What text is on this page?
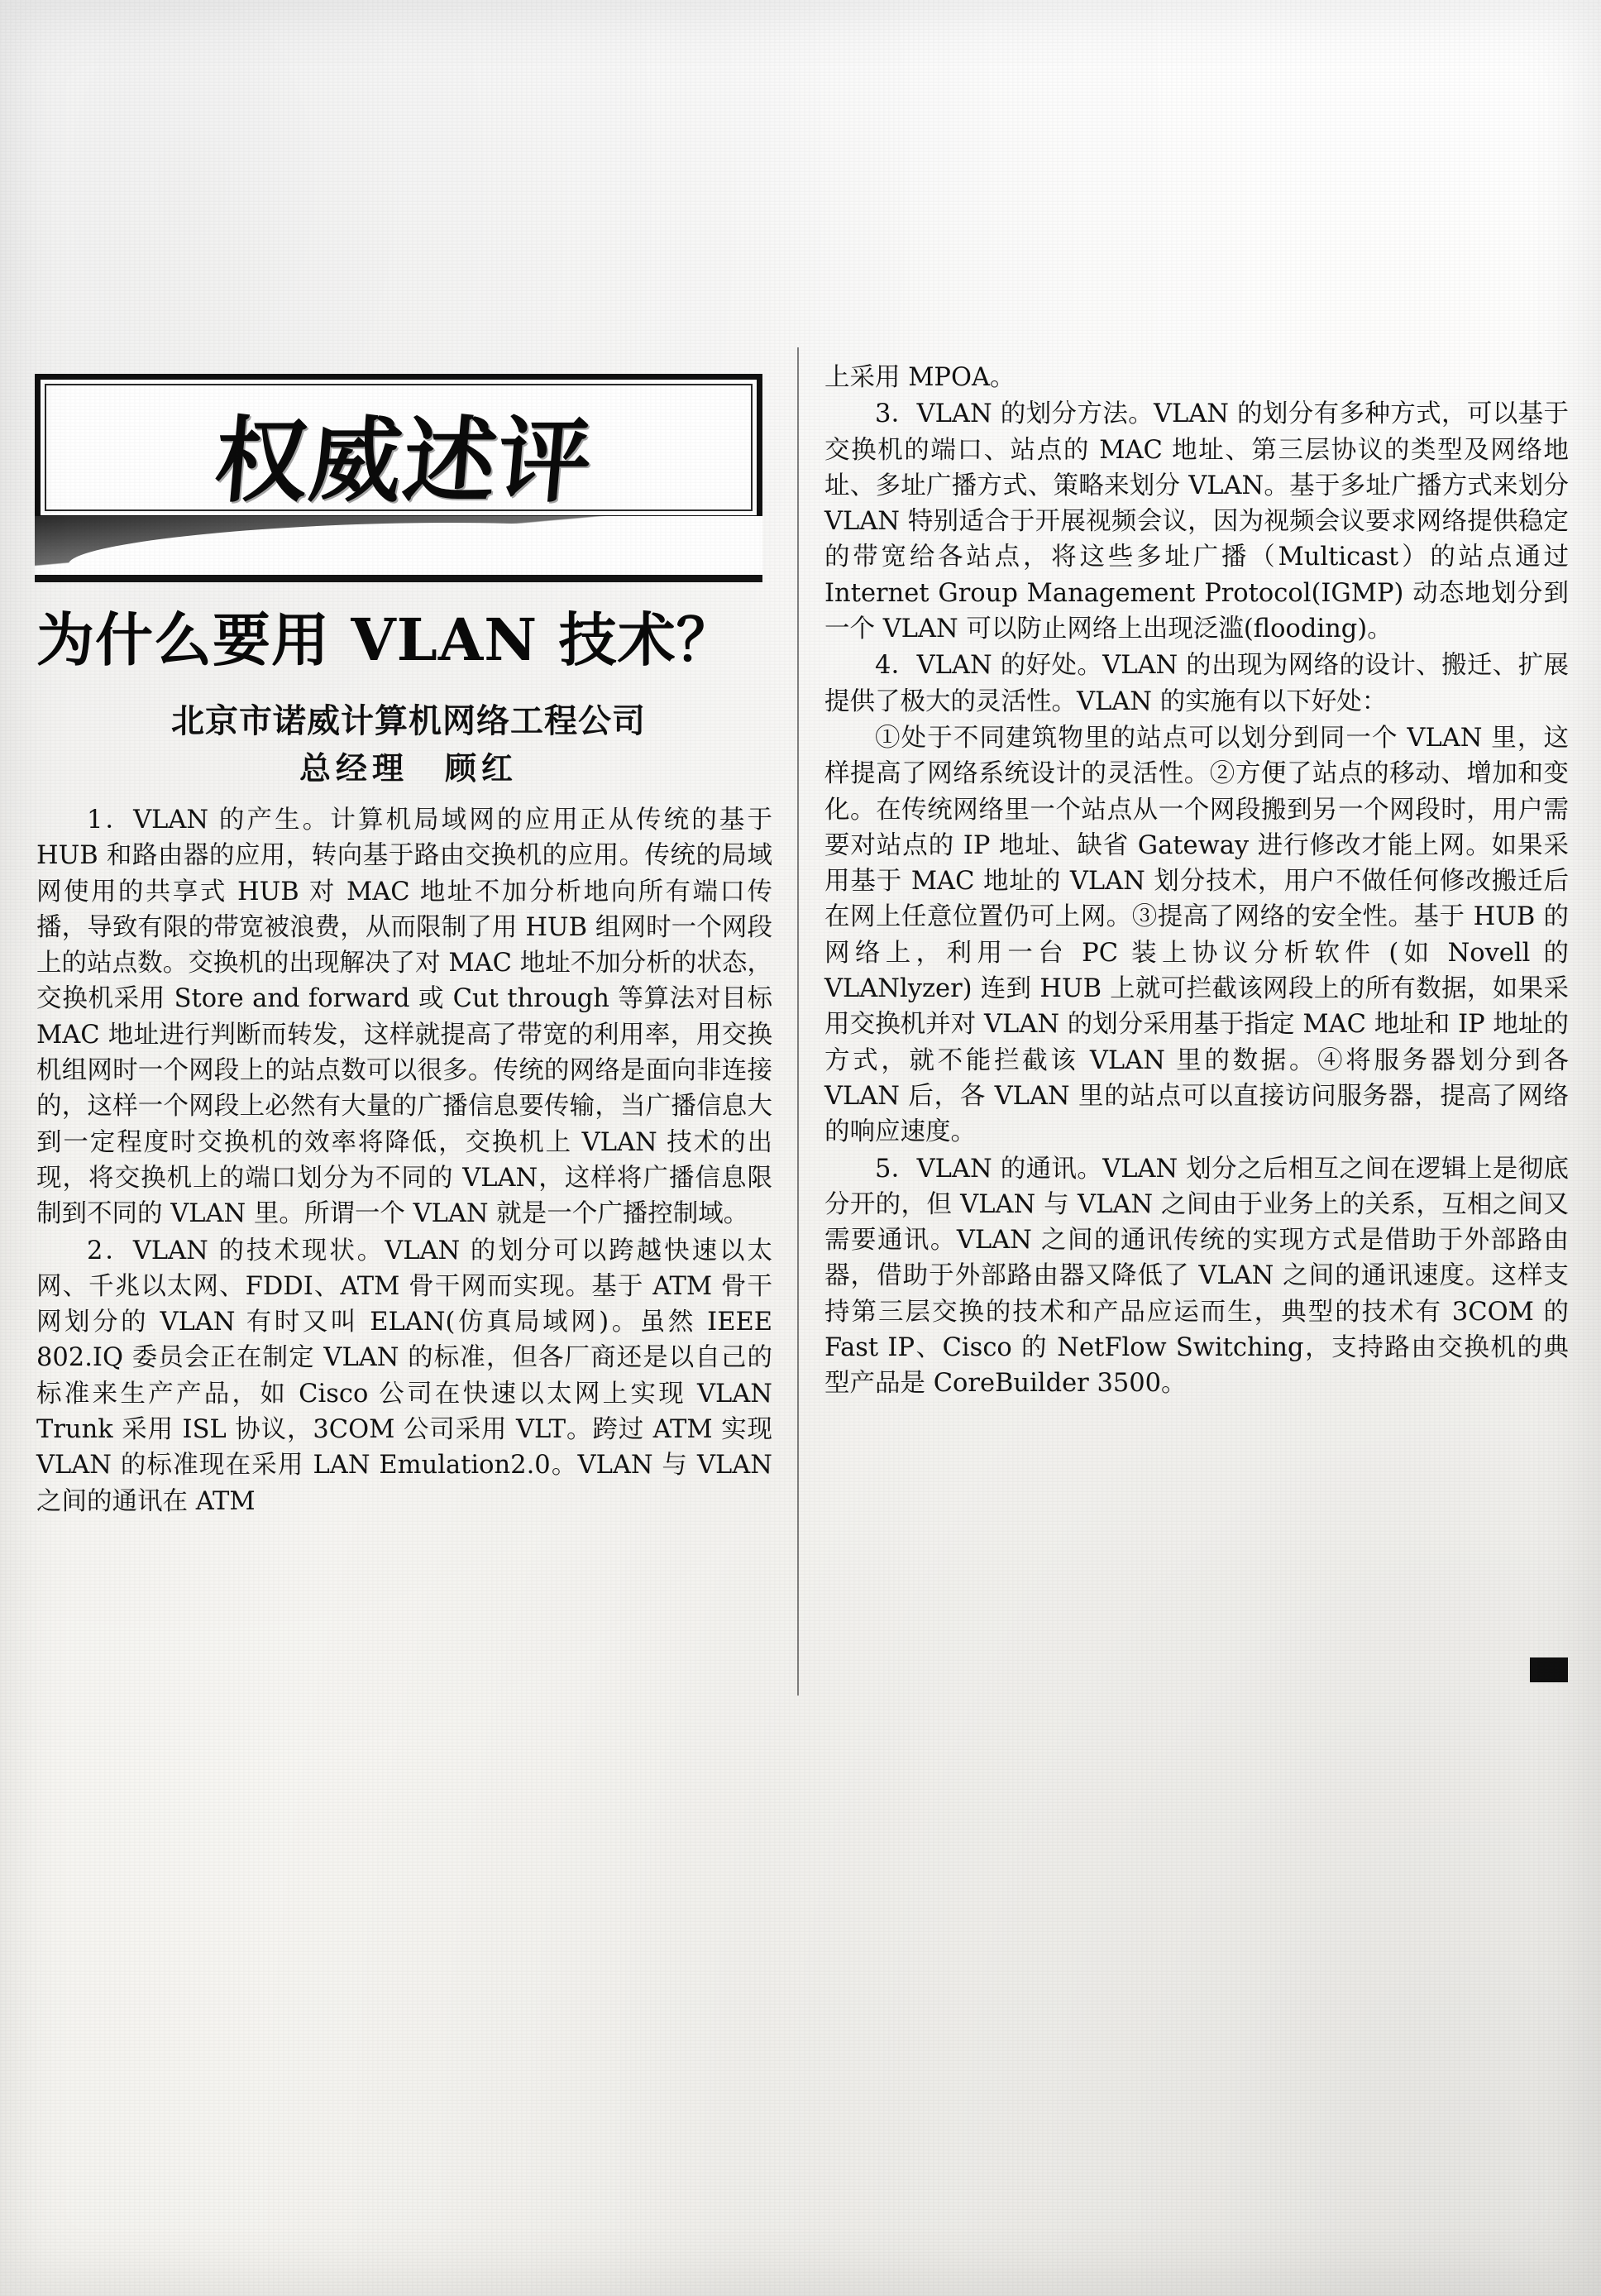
权威述评
为什么要用 VLAN 技术？
北京市诺威计算机网络工程公司
总经理　顾红

1．VLAN 的产生。计算机局域网的应用正从传统的基于 HUB 和路由器的应用，转向基于路由交换机的应用。传统的局域网使用的共享式 HUB 对 MAC 地址不加分析地向所有端口传播，导致有限的带宽被浪费，从而限制了用 HUB 组网时一个网段上的站点数。交换机的出现解决了对 MAC 地址不加分析的状态，交换机采用 Store and forward 或 Cut through 等算法对目标 MAC 地址进行判断而转发，这样就提高了带宽的利用率，用交换机组网时一个网段上的站点数可以很多。传统的网络是面向非连接的，这样一个网段上必然有大量的广播信息要传输，当广播信息大到一定程度时交换机的效率将降低，交换机上 VLAN 技术的出现，将交换机上的端口划分为不同的 VLAN，这样将广播信息限制到不同的 VLAN 里。所谓一个 VLAN 就是一个广播控制域。

2．VLAN 的技术现状。VLAN 的划分可以跨越快速以太网、千兆以太网、FDDI、ATM 骨干网而实现。基于 ATM 骨干网划分的 VLAN 有时又叫 ELAN(仿真局域网)。虽然 IEEE 802.IQ 委员会正在制定 VLAN 的标准，但各厂商还是以自己的标准来生产产品，如 Cisco 公司在快速以太网上实现 VLAN Trunk 采用 ISL 协议，3COM 公司采用 VLT。跨过 ATM 实现 VLAN 的标准现在采用 LAN Emulation2.0。VLAN 与 VLAN 之间的通讯在 ATM

上采用 MPOA。

3．VLAN 的划分方法。VLAN 的划分有多种方式，可以基于交换机的端口、站点的 MAC 地址、第三层协议的类型及网络地址、多址广播方式、策略来划分 VLAN。基于多址广播方式来划分 VLAN 特别适合于开展视频会议，因为视频会议要求网络提供稳定的带宽给各站点，将这些多址广播（Multicast）的站点通过 Internet Group Management Protocol(IGMP) 动态地划分到一个 VLAN 可以防止网络上出现泛滥(flooding)。

4．VLAN 的好处。VLAN 的出现为网络的设计、搬迁、扩展提供了极大的灵活性。VLAN 的实施有以下好处：

①处于不同建筑物里的站点可以划分到同一个 VLAN 里，这样提高了网络系统设计的灵活性。②方便了站点的移动、增加和变化。在传统网络里一个站点从一个网段搬到另一个网段时，用户需要对站点的 IP 地址、缺省 Gateway 进行修改才能上网。如果采用基于 MAC 地址的 VLAN 划分技术，用户不做任何修改搬迁后在网上任意位置仍可上网。③提高了网络的安全性。基于 HUB 的网络上，利用一台 PC 装上协议分析软件 (如 Novell 的 VLANlyzer) 连到 HUB 上就可拦截该网段上的所有数据，如果采用交换机并对 VLAN 的划分采用基于指定 MAC 地址和 IP 地址的方式，就不能拦截该 VLAN 里的数据。④将服务器划分到各 VLAN 后，各 VLAN 里的站点可以直接访问服务器，提高了网络的响应速度。

5．VLAN 的通讯。VLAN 划分之后相互之间在逻辑上是彻底分开的，但 VLAN 与 VLAN 之间由于业务上的关系，互相之间又需要通讯。VLAN 之间的通讯传统的实现方式是借助于外部路由器，借助于外部路由器又降低了 VLAN 之间的通讯速度。这样支持第三层交换的技术和产品应运而生，典型的技术有 3COM 的 Fast IP、Cisco 的 NetFlow Switching，支持路由交换机的典型产品是 CoreBuilder 3500。
